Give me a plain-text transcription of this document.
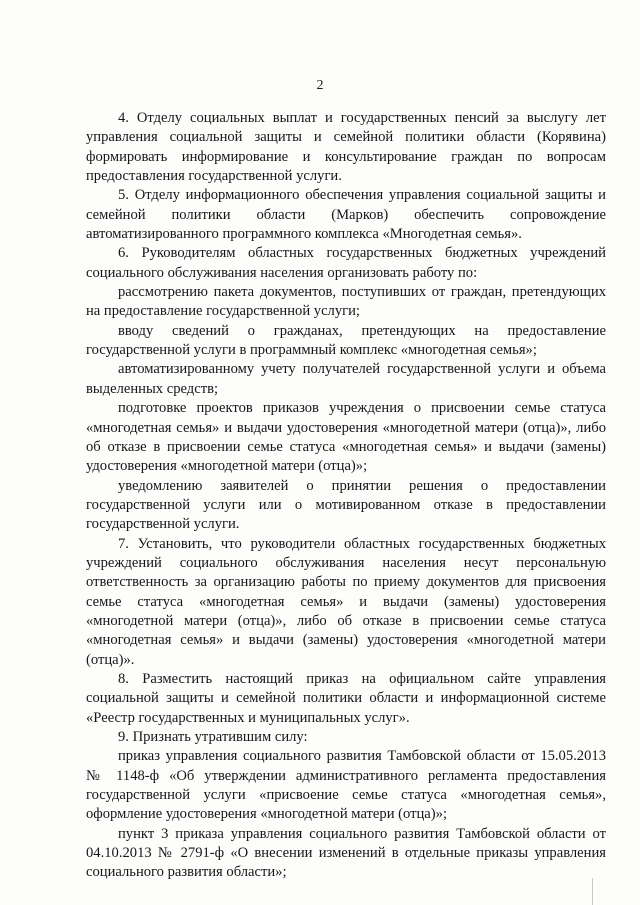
2

4. Отделу социальных выплат и государственных пенсий за выслугу лет управления социальной защиты и семейной политики области (Корявина) формировать информирование и консультирование граждан по вопросам предоставления государственной услуги.

5. Отделу информационного обеспечения управления социальной защиты и семейной политики области (Марков) обеспечить сопровождение автоматизированного программного комплекса «Многодетная семья».

6. Руководителям областных государственных бюджетных учреждений социального обслуживания населения организовать работу по:

рассмотрению пакета документов, поступивших от граждан, претендующих на предоставление государственной услуги;

вводу сведений о гражданах, претендующих на предоставление государственной услуги в программный комплекс «многодетная семья»;

автоматизированному учету получателей государственной услуги и объема выделенных средств;

подготовке проектов приказов учреждения о присвоении семье статуса «многодетная семья» и выдачи удостоверения «многодетной матери (отца)», либо об отказе в присвоении семье статуса «многодетная семья» и выдачи (замены) удостоверения «многодетной матери (отца)»;

уведомлению заявителей о принятии решения о предоставлении государственной услуги или о мотивированном отказе в предоставлении государственной услуги.

7. Установить, что руководители областных государственных бюджетных учреждений социального обслуживания населения несут персональную ответственность за организацию работы по приему документов для присвоения семье статуса «многодетная семья» и выдачи (замены) удостоверения «многодетной матери (отца)», либо об отказе в присвоении семье статуса «многодетная семья» и выдачи (замены) удостоверения «многодетной матери (отца)».

8. Разместить настоящий приказ на официальном сайте управления социальной защиты и семейной политики области и информационной системе «Реестр государственных и муниципальных услуг».

9. Признать утратившим силу:

приказ управления социального развития Тамбовской области от 15.05.2013 № 1148-ф «Об утверждении административного регламента предоставления государственной услуги «присвоение семье статуса «многодетная семья», оформление удостоверения «многодетной матери (отца)»;

пункт 3 приказа управления социального развития Тамбовской области от 04.10.2013 № 2791-ф «О внесении изменений в отдельные приказы управления социального развития области»;
